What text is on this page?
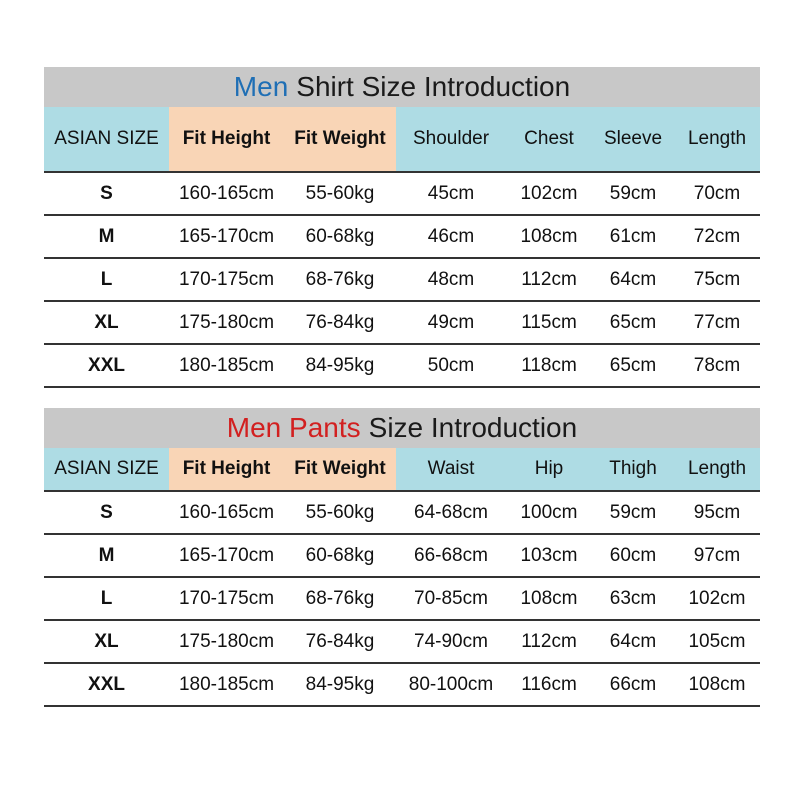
Men Shirt Size Introduction
ASIAN SIZE	Fit Height	Fit Weight	Shoulder	Chest	Sleeve	Length
S	160-165cm	55-60kg	45cm	102cm	59cm	70cm
M	165-170cm	60-68kg	46cm	108cm	61cm	72cm
L	170-175cm	68-76kg	48cm	112cm	64cm	75cm
XL	175-180cm	76-84kg	49cm	115cm	65cm	77cm
XXL	180-185cm	84-95kg	50cm	118cm	65cm	78cm
Men Pants Size Introduction
ASIAN SIZE	Fit Height	Fit Weight	Waist	Hip	Thigh	Length
S	160-165cm	55-60kg	64-68cm	100cm	59cm	95cm
M	165-170cm	60-68kg	66-68cm	103cm	60cm	97cm
L	170-175cm	68-76kg	70-85cm	108cm	63cm	102cm
XL	175-180cm	76-84kg	74-90cm	112cm	64cm	105cm
XXL	180-185cm	84-95kg	80-100cm	116cm	66cm	108cm
